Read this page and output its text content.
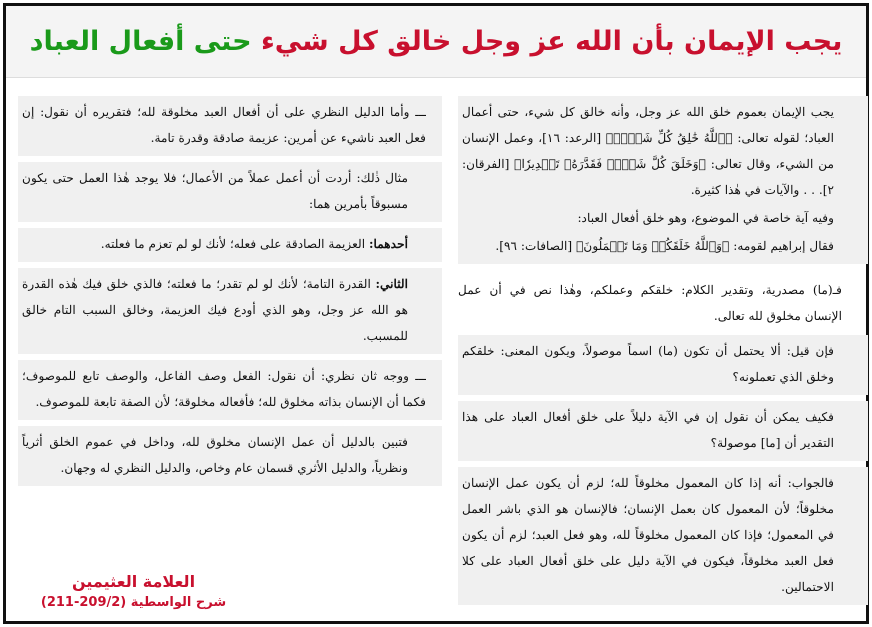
يجب الإيمان بأن الله عز وجل خالق كل شيء حتى أفعال العباد

يجب الإيمان بعموم خلق الله عز وجل، وأنه خالق كل شيء، حتى أعمال العباد؛ لقوله تعالى: ﴿ٱللَّهُ خَٰلِقُ كُلِّ شَيۡءٖ﴾ [الرعد: ١٦]، وعمل الإنسان من الشيء، وقال تعالى: ﴿وَخَلَقَ كُلَّ شَيۡءٖ فَقَدَّرَهُۥ تَقۡدِيرٗا﴾ [الفرقان: ٢]. . . والآيات في هٰذا كثيرة.

وفيه آية خاصة في الموضوع، وهو خلق أفعال العباد:

فقال إبراهيم لقومه: ﴿وَٱللَّهُ خَلَقَكُمۡ وَمَا تَعۡمَلُونَ﴾ [الصافات: ٩٦].

فـ(ما) مصدرية، وتقدير الكلام: خلقكم وعملكم، وهٰذا نص في أن عمل الإنسان مخلوق لله تعالى.

فإن قيل: ألا يحتمل أن تكون (ما) اسماً موصولاً، ويكون المعنى: خلقكم وخلق الذي تعملونه؟

فكيف يمكن أن نقول إن في الآية دليلاً على خلق أفعال العباد على هذا التقدير أن [ما] موصولة؟

فالجواب: أنه إذا كان المعمول مخلوقاً لله؛ لزم أن يكون عمل الإنسان مخلوقاً؛ لأن المعمول كان بعمل الإنسان؛ فالإنسان هو الذي باشر العمل في المعمول؛ فإذا كان المعمول مخلوقاً لله، وهو فعل العبد؛ لزم أن يكون فعل العبد مخلوقاً، فيكون في الآية دليل على خلق أفعال العباد على كلا الاحتمالين.

ـــ وأما الدليل النظري على أن أفعال العبد مخلوقة لله؛ فتقريره أن نقول: إن فعل العبد ناشيء عن أمرين: عزيمة صادقة وقدرة تامة.

مثال ذٰلك: أردت أن أعمل عملاً من الأعمال؛ فلا يوجد هٰذا العمل حتى يكون مسبوقاً بأمرين هما:

أحدهما: العزيمة الصادقة على فعله؛ لأنك لو لم تعزم ما فعلته.

الثاني: القدرة التامة؛ لأنك لو لم تقدر؛ ما فعلته؛ فالذي خلق فيك هٰذه القدرة هو الله عز وجل، وهو الذي أودع فيك العزيمة، وخالق السبب التام خالق للمسبب.

ـــ ووجه ثان نظري: أن نقول: الفعل وصف الفاعل، والوصف تابع للموصوف؛ فكما أن الإنسان بذاته مخلوق لله؛ فأفعاله مخلوقة؛ لأن الصفة تابعة للموصوف.

فتبين بالدليل أن عمل الإنسان مخلوق لله، وداخل في عموم الخلق أثرياً ونظرياً، والدليل الأثري قسمان عام وخاص، والدليل النظري له وجهان.

العلامة العثيمين
شرح الواسطية (209/2-211)
